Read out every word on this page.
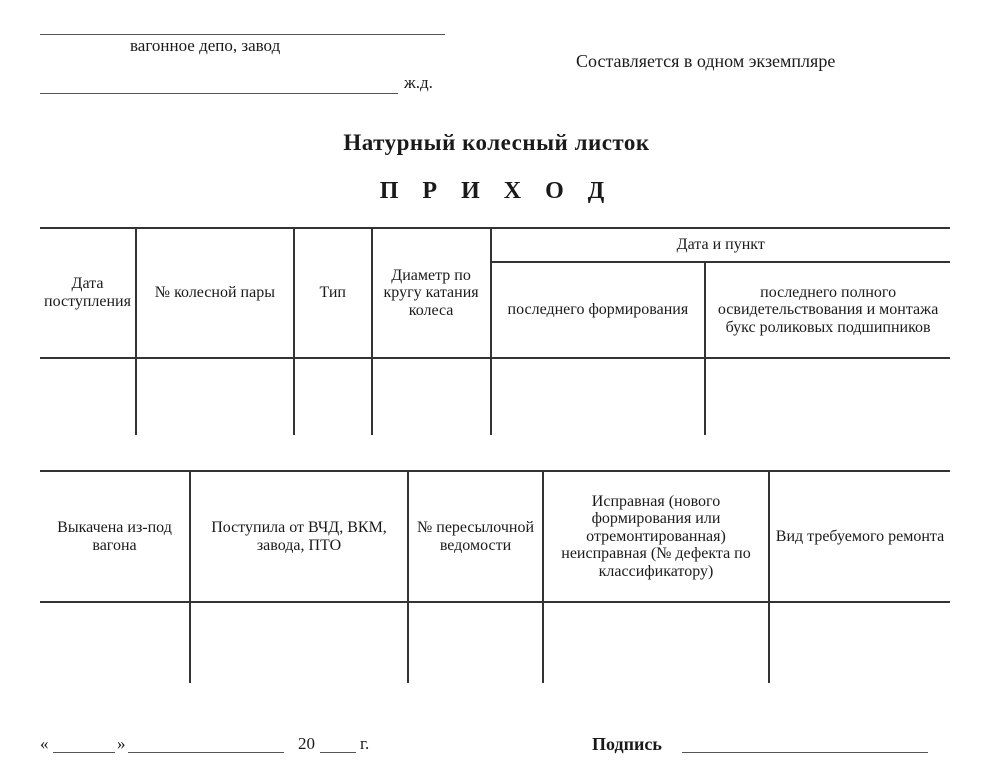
вагонное депо, завод
ж.д.
Составляется в одном экземпляре
Натурный колесный листок
П Р И Х О Д
Дата поступления	№ колесной пары	Тип	Диаметр по кругу катания колеса	Дата и пункт	
				последнего формирования	последнего полного освидетельствования и монтажа букс роликовых подшипников

Выкачена из-под вагона	Поступила от ВЧД, ВКМ, завода, ПТО	№ пересылочной ведомости	Исправная (нового формирования или отремонтированная) неисправная (№ дефекта по классификатору)	Вид требуемого ремонта

«	»	20	г.	Подпись
